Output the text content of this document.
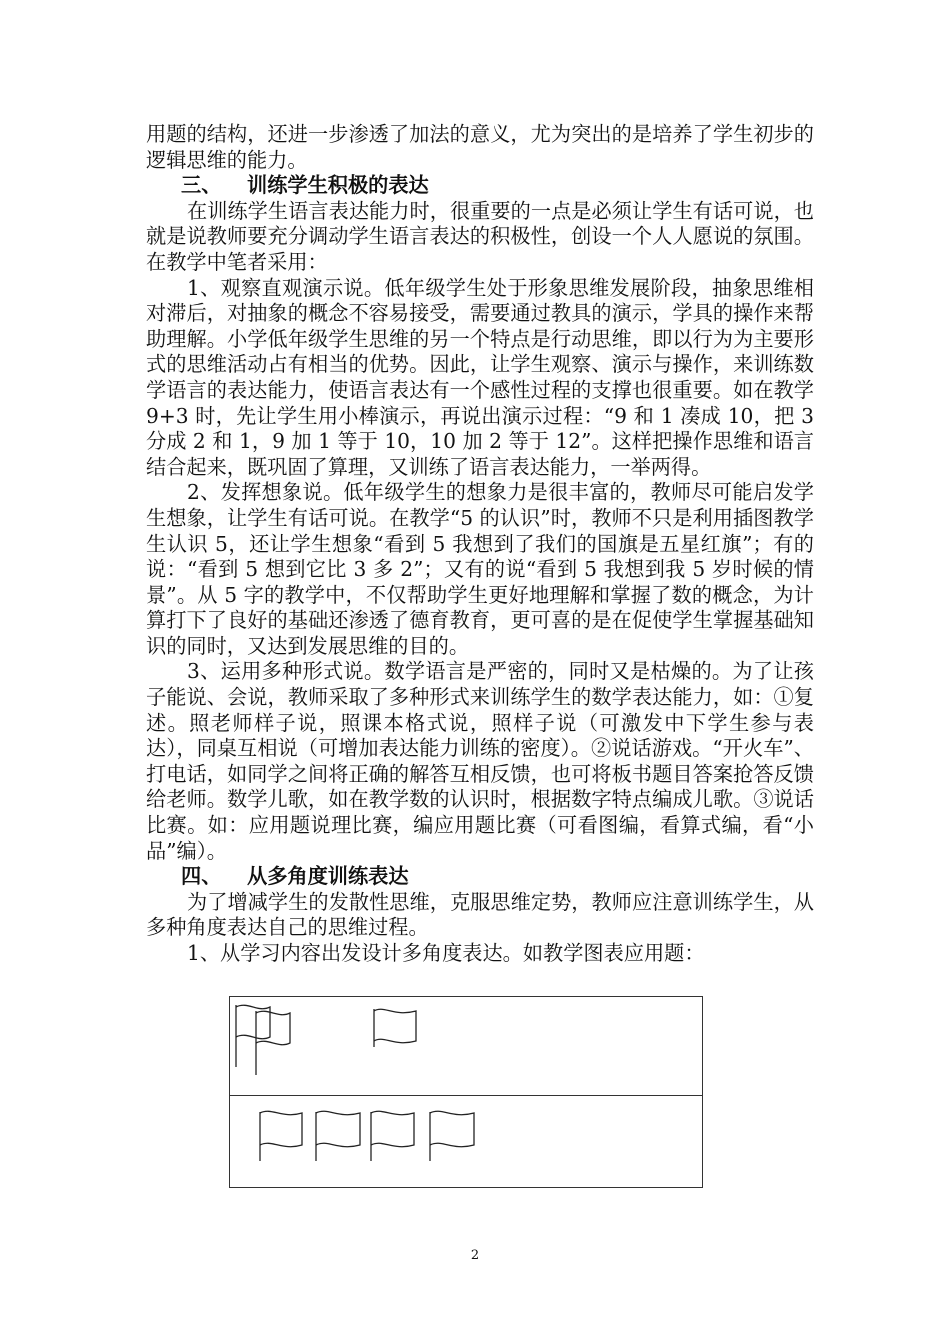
用题的结构，还进一步渗透了加法的意义，尤为突出的是培养了学生初步的逻辑思维的能力。

三、 训练学生积极的表达

在训练学生语言表达能力时，很重要的一点是必须让学生有话可说，也就是说教师要充分调动学生语言表达的积极性，创设一个人人愿说的氛围。在教学中笔者采用：

1、观察直观演示说。低年级学生处于形象思维发展阶段，抽象思维相对滞后，对抽象的概念不容易接受，需要通过教具的演示，学具的操作来帮助理解。小学低年级学生思维的另一个特点是行动思维，即以行为为主要形式的思维活动占有相当的优势。因此，让学生观察、演示与操作，来训练数学语言的表达能力，使语言表达有一个感性过程的支撑也很重要。如在教学 9+3 时，先让学生用小棒演示，再说出演示过程：“9 和 1 凑成 10，把 3 分成 2 和 1，9 加 1 等于 10，10 加 2 等于 12”。这样把操作思维和语言结合起来，既巩固了算理，又训练了语言表达能力，一举两得。

2、发挥想象说。低年级学生的想象力是很丰富的，教师尽可能启发学生想象，让学生有话可说。在教学“5 的认识”时，教师不只是利用插图教学生认识 5，还让学生想象“看到 5 我想到了我们的国旗是五星红旗”；有的说：“看到 5 想到它比 3 多 2”；又有的说“看到 5 我想到我 5 岁时候的情景”。从 5 字的教学中，不仅帮助学生更好地理解和掌握了数的概念，为计算打下了良好的基础还渗透了德育教育，更可喜的是在促使学生掌握基础知识的同时，又达到发展思维的目的。

3、运用多种形式说。数学语言是严密的，同时又是枯燥的。为了让孩子能说、会说，教师采取了多种形式来训练学生的数学表达能力，如：①复述。照老师样子说，照课本格式说，照样子说（可激发中下学生参与表达），同桌互相说（可增加表达能力训练的密度）。②说话游戏。“开火车”、打电话，如同学之间将正确的解答互相反馈，也可将板书题目答案抢答反馈给老师。数学儿歌，如在教学数的认识时，根据数字特点编成儿歌。③说话比赛。如：应用题说理比赛，编应用题比赛（可看图编，看算式编，看“小品”编）。

四、 从多角度训练表达

为了增减学生的发散性思维，克服思维定势，教师应注意训练学生，从多种角度表达自己的思维过程。

1、从学习内容出发设计多角度表达。如教学图表应用题：

2
